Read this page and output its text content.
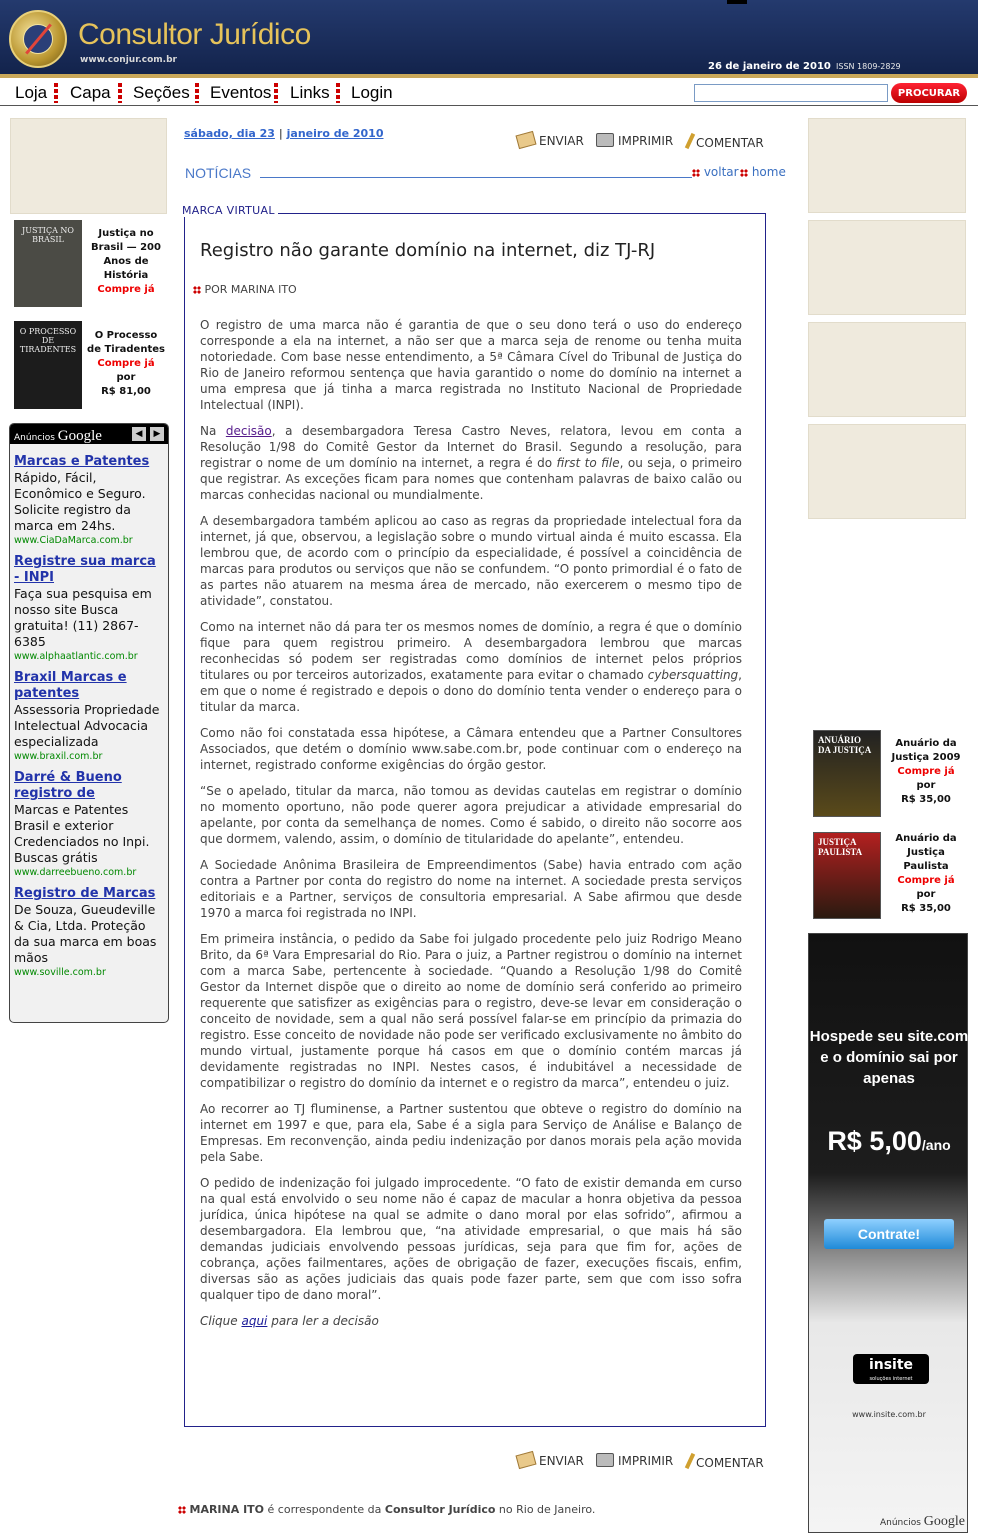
Consultor Jurídico
www.conjur.com.br
26 de janeiro de 2010 ISSN 1809-2829
Loja Capa Seções Eventos Links Login	PROCURAR
JUSTIÇA NO BRASIL
Justiça no Brasil — 200 Anos de História
Compre já
O PROCESSO DE TIRADENTES
O Processo de Tiradentes
Compre já
por
R$ 81,00
Anúncios Google	◀	▶
Marcas e Patentes
Rápido, Fácil, Econômico e Seguro. Solicite registro da marca em 24hs.
www.CiaDaMarca.com.br
Registre sua marca - INPI
Faça sua pesquisa em nosso site Busca gratuita! (11) 2867-6385
www.alphaatlantic.com.br
Braxil Marcas e patentes
Assessoria Propriedade Intelectual Advocacia especializada
www.braxil.com.br
Darré & Bueno registro de
Marcas e Patentes Brasil e exterior Credenciados no Inpi. Buscas grátis
www.darreebueno.com.br
Registro de Marcas
De Souza, Gueudeville & Cia, Ltda. Proteção da sua marca em boas mãos
www.soville.com.br
sábado, dia 23 | janeiro de 2010
ENVIAR	IMPRIMIR	COMENTAR
NOTÍCIAS	voltar	home
MARCA VIRTUAL
Registro não garante domínio na internet, diz TJ-RJ
POR MARINA ITO

O registro de uma marca não é garantia de que o seu dono terá o uso do endereço corresponde a ela na internet, a não ser que a marca seja de renome ou tenha muita notoriedade. Com base nesse entendimento, a 5ª Câmara Cível do Tribunal de Justiça do Rio de Janeiro reformou sentença que havia garantido o nome do domínio na internet a uma empresa que já tinha a marca registrada no Instituto Nacional de Propriedade Intelectual (INPI).

Na decisão, a desembargadora Teresa Castro Neves, relatora, levou em conta a Resolução 1/98 do Comitê Gestor da Internet do Brasil. Segundo a resolução, para registrar o nome de um domínio na internet, a regra é do first to file, ou seja, o primeiro que registrar. As exceções ficam para nomes que contenham palavras de baixo calão ou marcas conhecidas nacional ou mundialmente.

A desembargadora também aplicou ao caso as regras da propriedade intelectual fora da internet, já que, observou, a legislação sobre o mundo virtual ainda é muito escassa. Ela lembrou que, de acordo com o princípio da especialidade, é possível a coincidência de marcas para produtos ou serviços que não se confundem. “O ponto primordial é o fato de as partes não atuarem na mesma área de mercado, não exercerem o mesmo tipo de atividade”, constatou.

Como na internet não dá para ter os mesmos nomes de domínio, a regra é que o domínio fique para quem registrou primeiro. A desembargadora lembrou que marcas reconhecidas só podem ser registradas como domínios de internet pelos próprios titulares ou por terceiros autorizados, exatamente para evitar o chamado cybersquatting, em que o nome é registrado e depois o dono do domínio tenta vender o endereço para o titular da marca.

Como não foi constatada essa hipótese, a Câmara entendeu que a Partner Consultores Associados, que detém o domínio www.sabe.com.br, pode continuar com o endereço na internet, registrado conforme exigências do órgão gestor.

“Se o apelado, titular da marca, não tomou as devidas cautelas em registrar o domínio no momento oportuno, não pode querer agora prejudicar a atividade empresarial do apelante, por conta da semelhança de nomes. Como é sabido, o direito não socorre aos que dormem, valendo, assim, o domínio de titularidade do apelante”, entendeu.

A Sociedade Anônima Brasileira de Empreendimentos (Sabe) havia entrado com ação contra a Partner por conta do registro do nome na internet. A sociedade presta serviços editoriais e a Partner, serviços de consultoria empresarial. A Sabe afirmou que desde 1970 a marca foi registrada no INPI.

Em primeira instância, o pedido da Sabe foi julgado procedente pelo juiz Rodrigo Meano Brito, da 6ª Vara Empresarial do Rio. Para o juiz, a Partner registrou o domínio na internet com a marca Sabe, pertencente à sociedade. “Quando a Resolução 1/98 do Comitê Gestor da Internet dispõe que o direito ao nome de domínio será conferido ao primeiro requerente que satisfizer as exigências para o registro, deve-se levar em consideração o conceito de novidade, sem a qual não será possível falar-se em princípio da primazia do registro. Esse conceito de novidade não pode ser verificado exclusivamente no âmbito do mundo virtual, justamente porque há casos em que o domínio contém marcas já devidamente registradas no INPI. Nestes casos, é indubitável a necessidade de compatibilizar o registro do domínio da internet e o registro da marca”, entendeu o juiz.

Ao recorrer ao TJ fluminense, a Partner sustentou que obteve o registro do domínio na internet em 1997 e que, para ela, Sabe é a sigla para Serviço de Análise e Balanço de Empresas. Em reconvenção, ainda pediu indenização por danos morais pela ação movida pela Sabe.

O pedido de indenização foi julgado improcedente. “O fato de existir demanda em curso na qual está envolvido o seu nome não é capaz de macular a honra objetiva da pessoa jurídica, única hipótese na qual se admite o dano moral por elas sofrido”, afirmou a desembargadora. Ela lembrou que, “na atividade empresarial, o que mais há são demandas judiciais envolvendo pessoas jurídicas, seja para que fim for, ações de cobrança, ações failmentares, ações de obrigação de fazer, execuções fiscais, enfim, diversas são as ações judiciais das quais pode fazer parte, sem que com isso sofra qualquer tipo de dano moral”.

Clique aqui para ler a decisão

ENVIAR	IMPRIMIR	COMENTAR
MARINA ITO é correspondente da Consultor Jurídico no Rio de Janeiro.
ANUÁRIO DA JUSTIÇA
Anuário da Justiça 2009
Compre já
por
R$ 35,00
JUSTIÇA PAULISTA
Anuário da Justiça Paulista
Compre já
por
R$ 35,00
Hospede seu site.com e o domínio sai por apenas
R$ 5,00/ano
Contrate!
insite
soluções internet
www.insite.com.br
Anúncios Google
